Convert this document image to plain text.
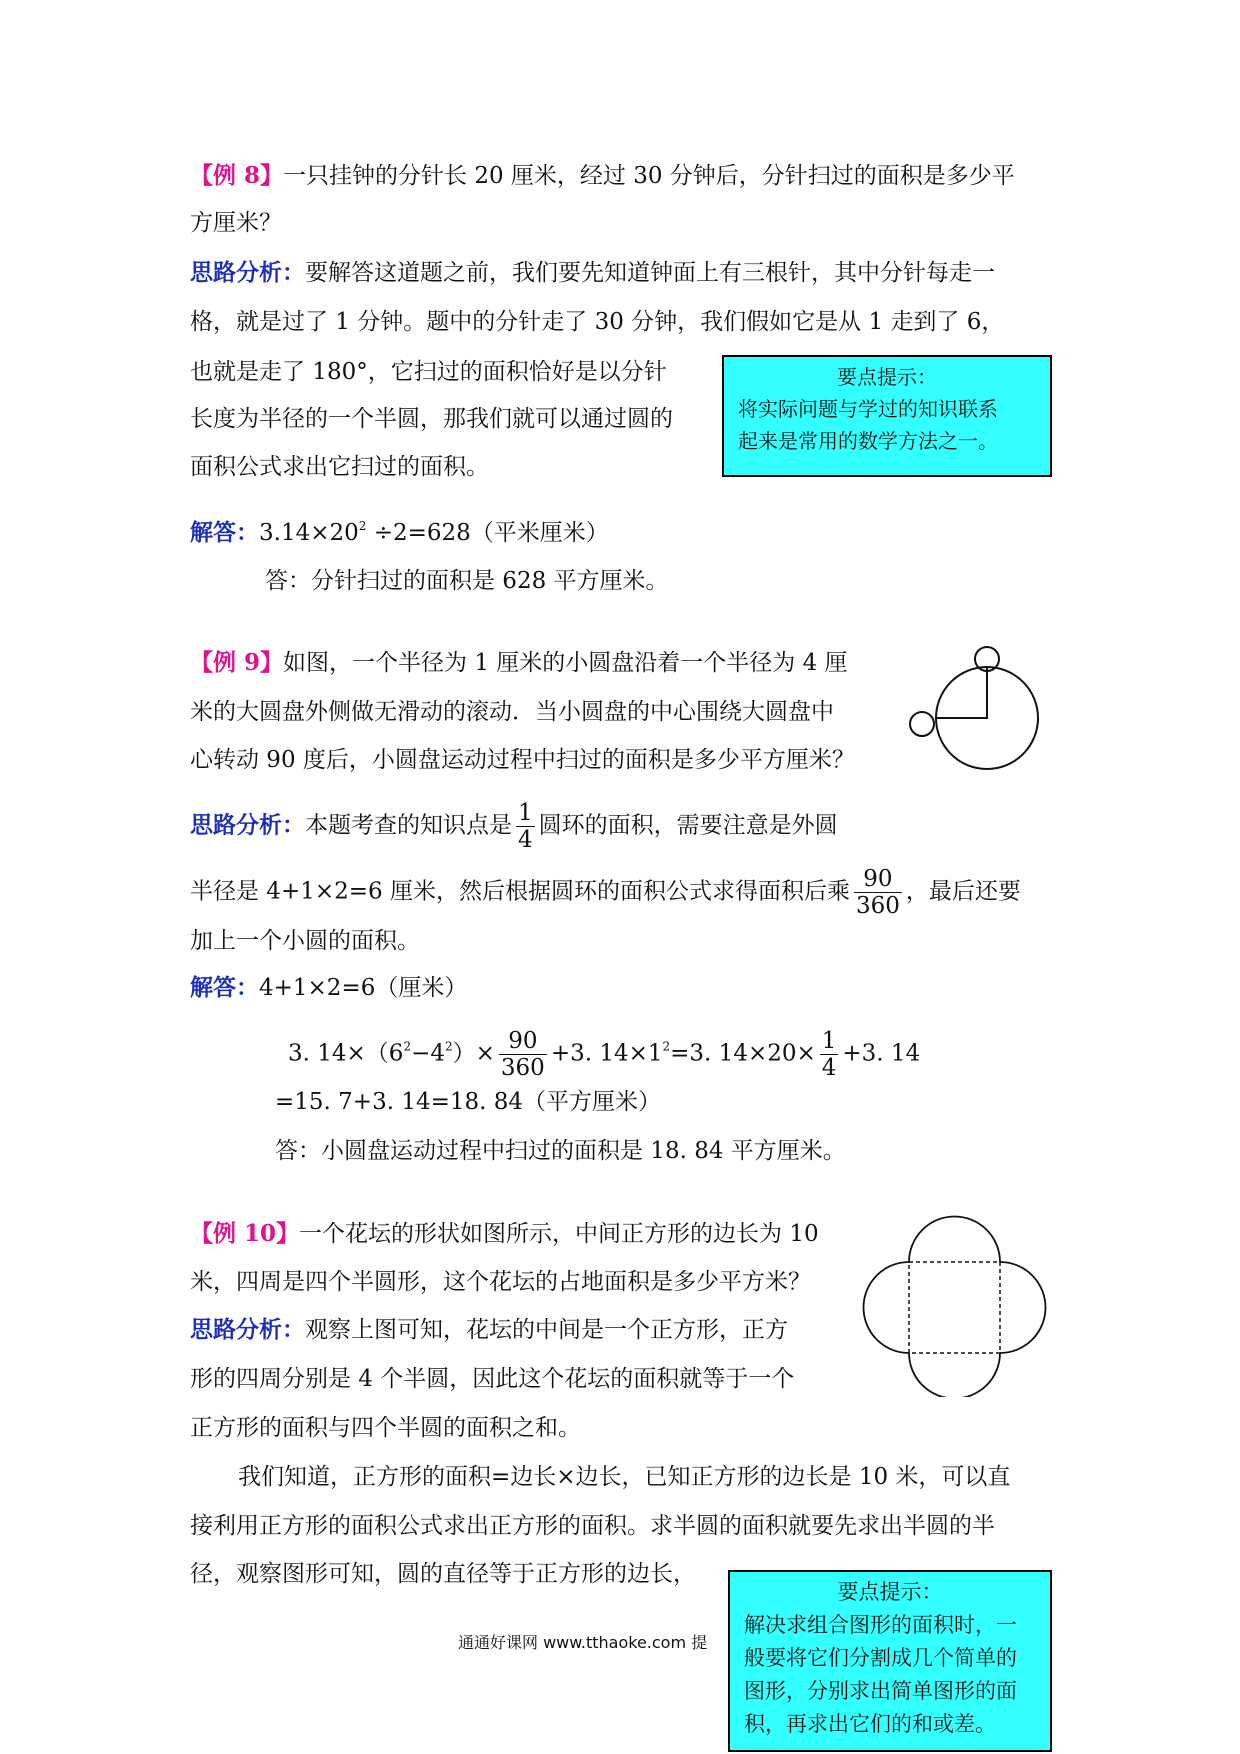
【例 8】一只挂钟的分针长 20 厘米，经过 30 分钟后，分针扫过的面积是多少平
方厘米？
思路分析：要解答这道题之前，我们要先知道钟面上有三根针，其中分针每走一
格，就是过了 1 分钟。题中的分针走了 30 分钟，我们假如它是从 1 走到了 6，
也就是走了 180°，它扫过的面积恰好是以分针
长度为半径的一个半圆，那我们就可以通过圆的
面积公式求出它扫过的面积。
要点提示：
将实际问题与学过的知识联系
起来是常用的数学方法之一。
解答：$3.14\times 20^2 \div 2=628$（平米厘米）
答：分针扫过的面积是 628 平方厘米。
【例 9】如图，一个半径为 1 厘米的小圆盘沿着一个半径为 4 厘
米的大圆盘外侧做无滑动的滚动．当小圆盘的中心围绕大圆盘中
心转动 90 度后，小圆盘运动过程中扫过的面积是多少平方厘米？
思路分析：本题考查的知识点是 $\frac{1}{4}$ 圆环的面积，需要注意是外圆
半径是 4+1×2=6 厘米，然后根据圆环的面积公式求得面积后乘 $\frac{90}{360}$ ，最后还要
加上一个小圆的面积。
解答：4+1×2=6（厘米）
3. $14\times(6^2-4^2)\times \frac{90}{360} +3$. $14\times 1^2=3$. $14\times 20\times \frac{1}{4} +3$. 14
=15. 7+3. 14=18. 84（平方厘米）
答：小圆盘运动过程中扫过的面积是 18. 84 平方厘米。
【例 10】一个花坛的形状如图所示，中间正方形的边长为 10
米，四周是四个半圆形，这个花坛的占地面积是多少平方米？
思路分析：观察上图可知，花坛的中间是一个正方形，正方
形的四周分别是 4 个半圆，因此这个花坛的面积就等于一个
正方形的面积与四个半圆的面积之和。
我们知道，正方形的面积=边长×边长，已知正方形的边长是 10 米，可以直
接利用正方形的面积公式求出正方形的面积。求半圆的面积就要先求出半圆的半
径，观察图形可知，圆的直径等于正方形的边长，
通通好课网 www.tthaoke.com 提
要点提示：
解决求组合图形的面积时，一
般要将它们分割成几个简单的
图形，分别求出简单图形的面
积，再求出它们的和或差。
